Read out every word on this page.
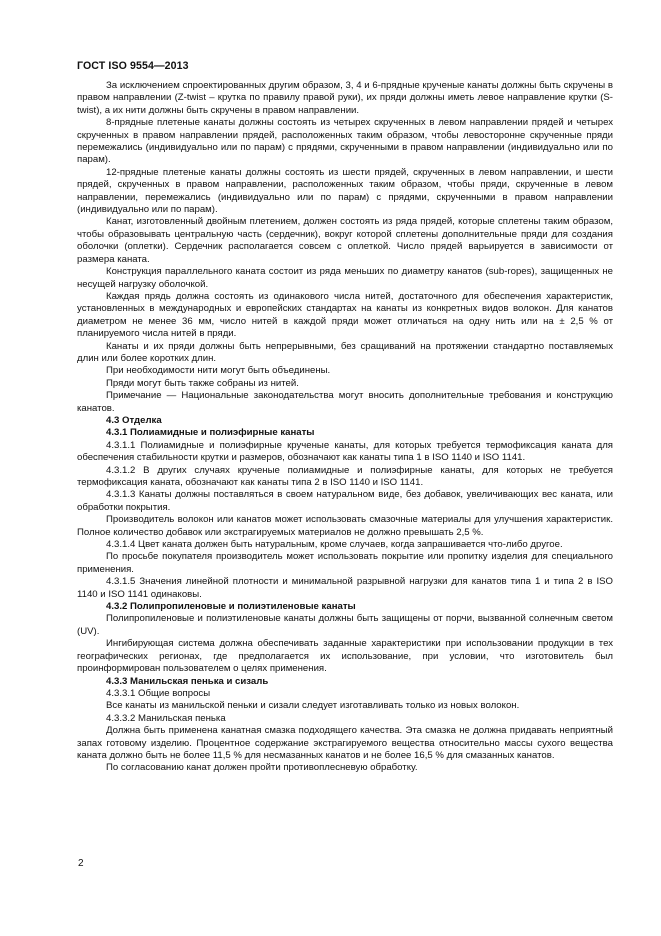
ГОСТ ISO 9554—2013

За исключением спроектированных другим образом, 3, 4 и 6-прядные крученые канаты должны быть скручены в правом направлении (Z-twist – крутка по правилу правой руки), их пряди должны иметь левое направление крутки (S-twist), а их нити должны быть скручены в правом направлении.

8-прядные плетеные канаты должны состоять из четырех скрученных в левом направлении прядей и четырех скрученных в правом направлении прядей, расположенных таким образом, чтобы левосторонне скрученные пряди перемежались (индивидуально или по парам) с прядями, скрученными в правом направлении (индивидуально или по парам).

12-прядные плетеные канаты должны состоять из шести прядей, скрученных в левом направлении, и шести прядей, скрученных в правом направлении, расположенных таким образом, чтобы пряди, скрученные в левом направлении, перемежались (индивидуально или по парам) с прядями, скрученными в правом направлении (индивидуально или по парам).

Канат, изготовленный двойным плетением, должен состоять из ряда прядей, которые сплетены таким образом, чтобы образовывать центральную часть (сердечник), вокруг которой сплетены дополнительные пряди для создания оболочки (оплетки). Сердечник располагается совсем с оплеткой. Число прядей варьируется в зависимости от размера каната.

Конструкция параллельного каната состоит из ряда меньших по диаметру канатов (sub-ropes), защищенных не несущей нагрузку оболочкой.

Каждая прядь должна состоять из одинакового числа нитей, достаточного для обеспечения характеристик, установленных в международных и европейских стандартах на канаты из конкретных видов волокон. Для канатов диаметром не менее 36 мм, число нитей в каждой пряди может отличаться на одну нить или на ± 2,5 % от планируемого числа нитей в пряди.

Канаты и их пряди должны быть непрерывными, без сращиваний на протяжении стандартно поставляемых длин или более коротких длин.

При необходимости нити могут быть объединены.

Пряди могут быть также собраны из нитей.

Примечание — Национальные законодательства могут вносить дополнительные требования и конструкцию канатов.

4.3 Отделка

4.3.1 Полиамидные и полиэфирные канаты

4.3.1.1 Полиамидные и полиэфирные крученые канаты, для которых требуется термофиксация каната для обеспечения стабильности крутки и размеров, обозначают как канаты типа 1 в ISO 1140 и ISO 1141.

4.3.1.2 В других случаях крученые полиамидные и полиэфирные канаты, для которых не требуется термофиксация каната, обозначают как канаты типа 2 в ISO 1140 и ISO 1141.

4.3.1.3 Канаты должны поставляться в своем натуральном виде, без добавок, увеличивающих вес каната, или обработки покрытия.

Производитель волокон или канатов может использовать смазочные материалы для улучшения характеристик. Полное количество добавок или экстрагируемых материалов не должно превышать 2,5 %.

4.3.1.4 Цвет каната должен быть натуральным, кроме случаев, когда запрашивается что-либо другое.

По просьбе покупателя производитель может использовать покрытие или пропитку изделия для специального применения.

4.3.1.5 Значения линейной плотности и минимальной разрывной нагрузки для канатов типа 1 и типа 2 в ISO 1140 и ISO 1141 одинаковы.

4.3.2 Полипропиленовые и полиэтиленовые канаты

Полипропиленовые и полиэтиленовые канаты должны быть защищены от порчи, вызванной солнечным светом (UV).

Ингибирующая система должна обеспечивать заданные характеристики при использовании продукции в тех географических регионах, где предполагается их использование, при условии, что изготовитель был проинформирован пользователем о целях применения.

4.3.3 Манильская пенька и сизаль

4.3.3.1 Общие вопросы

Все канаты из манильской пеньки и сизали следует изготавливать только из новых волокон.

4.3.3.2 Манильская пенька

Должна быть применена канатная смазка подходящего качества. Эта смазка не должна придавать неприятный запах готовому изделию. Процентное содержание экстрагируемого вещества относительно массы сухого вещества каната должно быть не более 11,5 % для несмазанных канатов и не более 16,5 % для смазанных канатов.

По согласованию канат должен пройти противоплесневую обработку.

2
